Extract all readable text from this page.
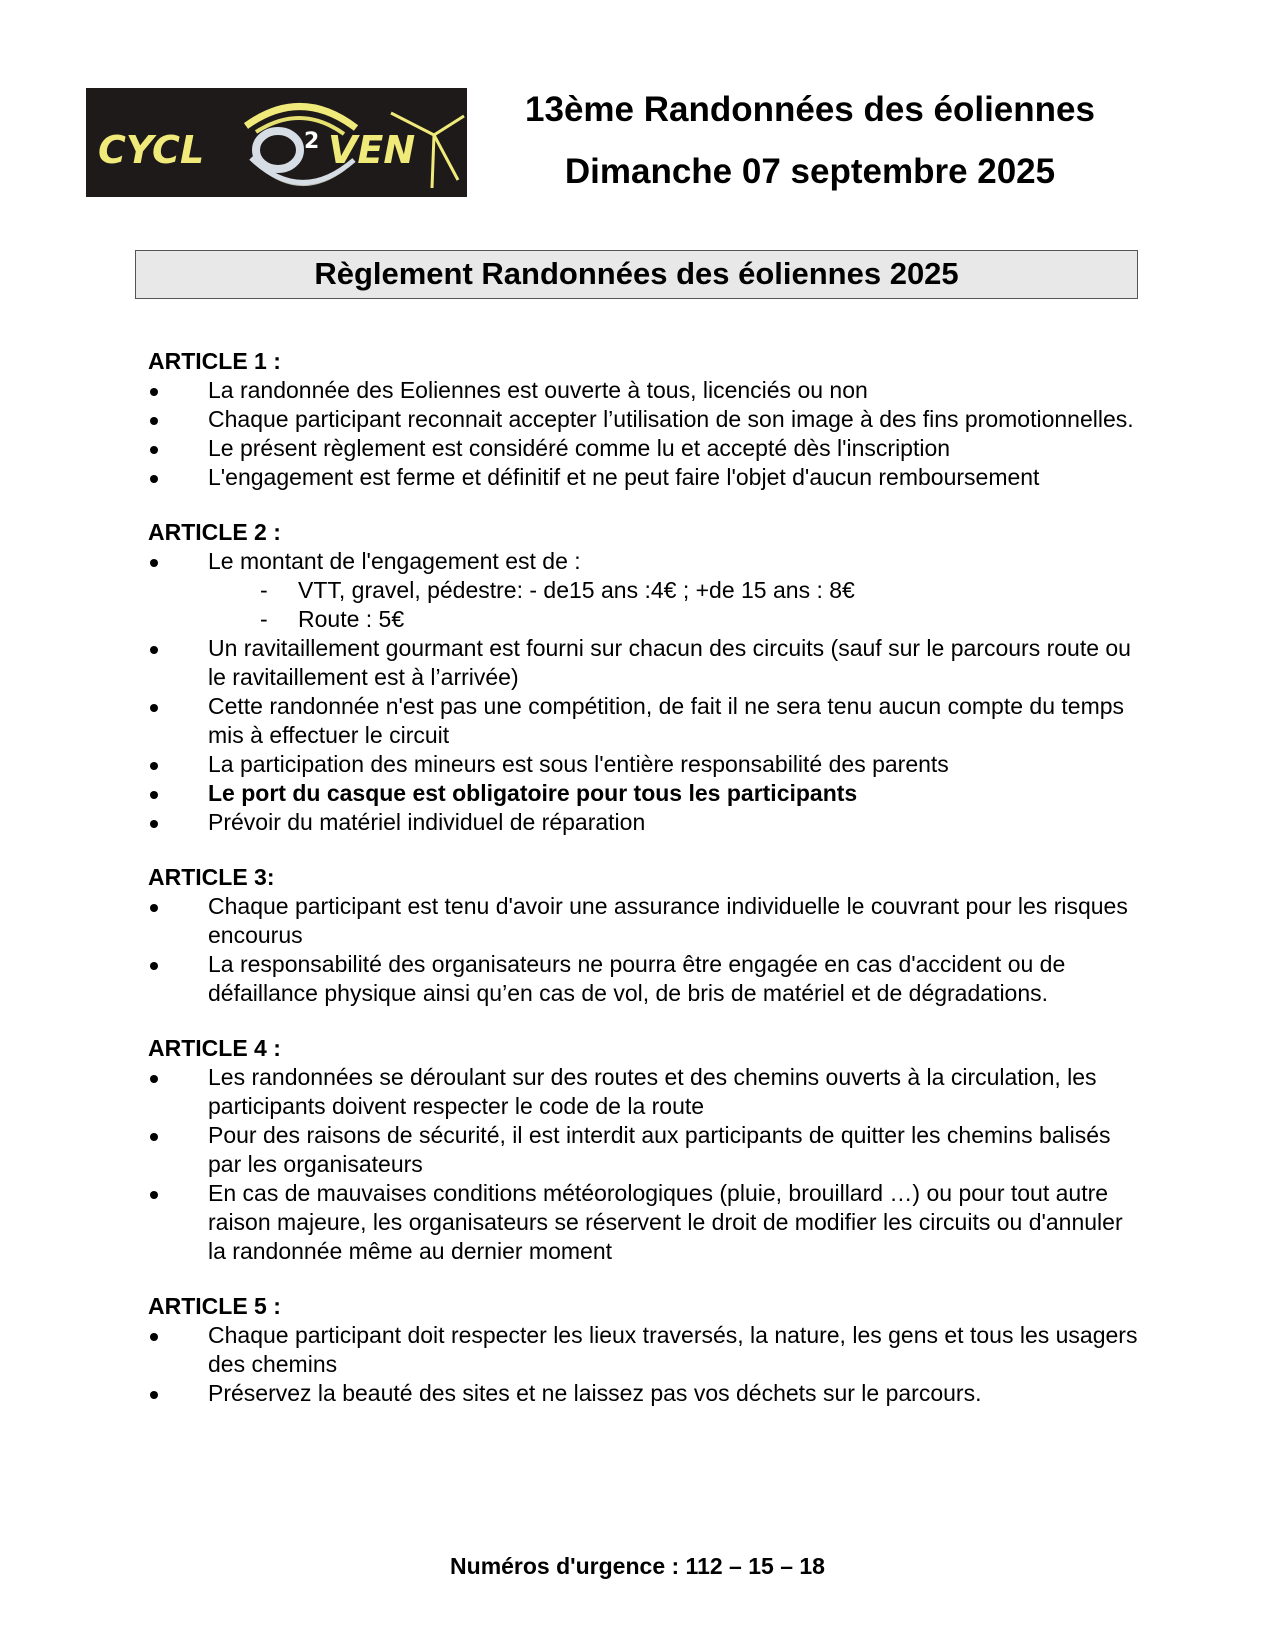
CYCL	2 VEN
13ème Randonnées des éoliennes
Dimanche 07 septembre 2025
Règlement Randonnées des éoliennes 2025
ARTICLE 1 :
La randonnée des Eoliennes est ouverte à tous, licenciés ou non
Chaque participant reconnait accepter l’utilisation de son image à des fins promotionnelles.
Le présent règlement est considéré comme lu et accepté dès l'inscription
L'engagement est ferme et définitif et ne peut faire l'objet d'aucun remboursement
ARTICLE 2 :
Le montant de l'engagement est de :
- VTT, gravel, pédestre: - de15 ans :4€ ; +de 15 ans : 8€
- Route : 5€
Un ravitaillement gourmant est fourni sur chacun des circuits (sauf sur le parcours route ou le ravitaillement est à l’arrivée)
Cette randonnée n'est pas une compétition, de fait il ne sera tenu aucun compte du temps mis à effectuer le circuit
La participation des mineurs est sous l'entière responsabilité des parents
Le port du casque est obligatoire pour tous les participants
Prévoir du matériel individuel de réparation
ARTICLE 3:
Chaque participant est tenu d'avoir une assurance individuelle le couvrant pour les risques encourus
La responsabilité des organisateurs ne pourra être engagée en cas d'accident ou de défaillance physique ainsi qu’en cas de vol, de bris de matériel et de dégradations.
ARTICLE 4 :
Les randonnées se déroulant sur des routes et des chemins ouverts à la circulation, les participants doivent respecter le code de la route
Pour des raisons de sécurité, il est interdit aux participants de quitter les chemins balisés par les organisateurs
En cas de mauvaises conditions météorologiques (pluie, brouillard …) ou pour tout autre raison majeure, les organisateurs se réservent le droit de modifier les circuits ou d'annuler la randonnée même au dernier moment
ARTICLE 5 :
Chaque participant doit respecter les lieux traversés, la nature, les gens et tous les usagers des chemins
Préservez la beauté des sites et ne laissez pas vos déchets sur le parcours.
Numéros d'urgence : 112 – 15 – 18
